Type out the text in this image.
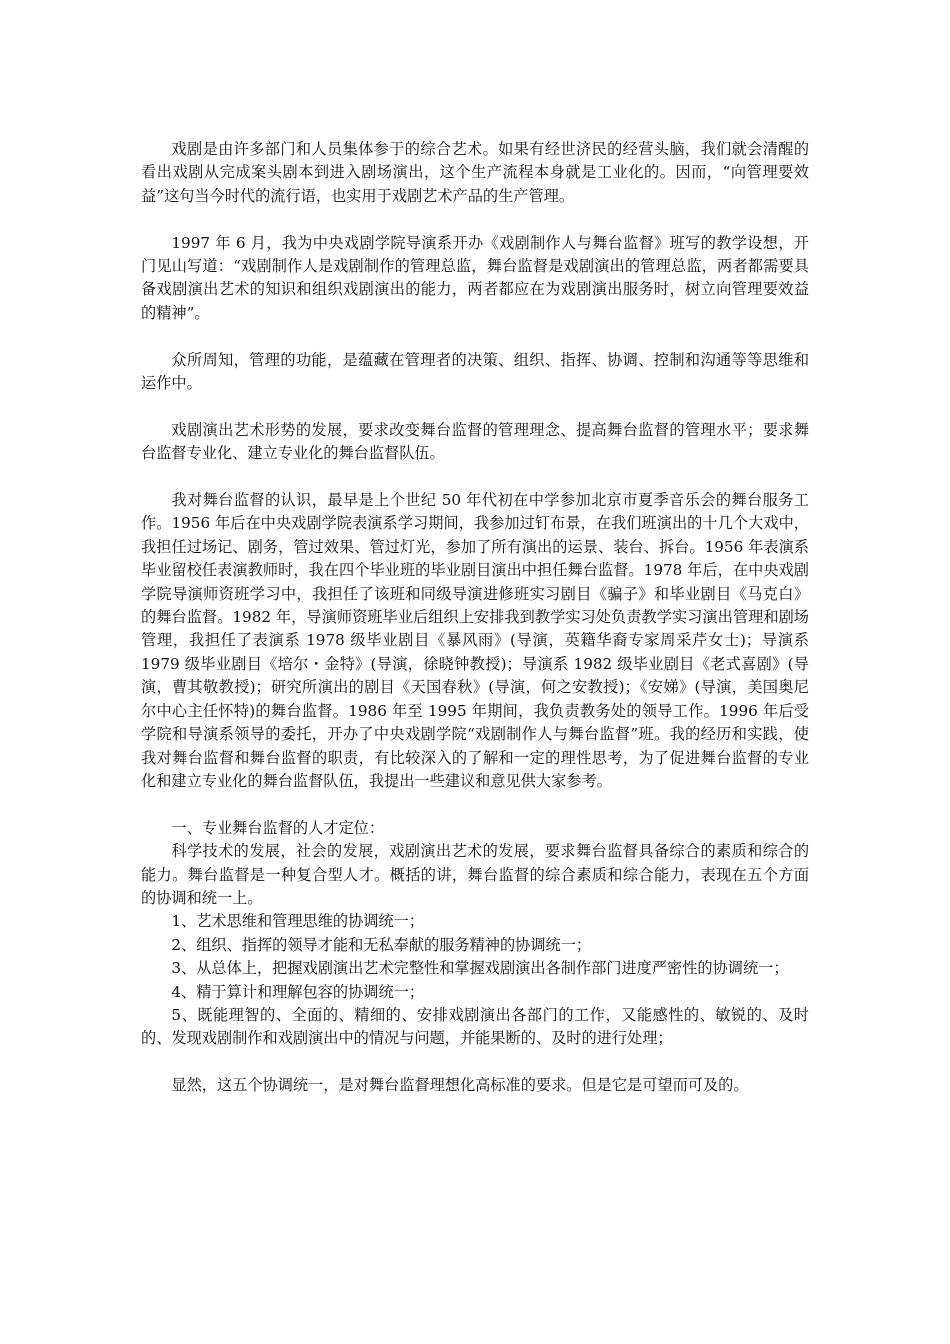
戏剧是由许多部门和人员集体参于的综合艺术。如果有经世济民的经营头脑，我们就会清醒的看出戏剧从完成案头剧本到进入剧场演出，这个生产流程本身就是工业化的。因而，“向管理要效益”这句当今时代的流行语，也实用于戏剧艺术产品的生产管理。

1997 年 6 月，我为中央戏剧学院导演系开办《戏剧制作人与舞台监督》班写的教学设想，开门见山写道：“戏剧制作人是戏剧制作的管理总监，舞台监督是戏剧演出的管理总监，两者都需要具备戏剧演出艺术的知识和组织戏剧演出的能力，两者都应在为戏剧演出服务时，树立向管理要效益的精神”。

众所周知，管理的功能，是蕴藏在管理者的决策、组织、指挥、协调、控制和沟通等等思维和运作中。

戏剧演出艺术形势的发展，要求改变舞台监督的管理理念、提高舞台监督的管理水平；要求舞台监督专业化、建立专业化的舞台监督队伍。

我对舞台监督的认识，最早是上个世纪 50 年代初在中学参加北京市夏季音乐会的舞台服务工作。1956 年后在中央戏剧学院表演系学习期间，我参加过钉布景，在我们班演出的十几个大戏中，我担任过场记、剧务，管过效果、管过灯光，参加了所有演出的运景、装台、拆台。1956 年表演系毕业留校任表演教师时，我在四个毕业班的毕业剧目演出中担任舞台监督。1978 年后，在中央戏剧学院导演师资班学习中，我担任了该班和同级导演进修班实习剧目《骗子》和毕业剧目《马克白》的舞台监督。1982 年，导演师资班毕业后组织上安排我到教学实习处负责教学实习演出管理和剧场管理，我担任了表演系 1978 级毕业剧目《暴风雨》(导演，英籍华裔专家周采芹女士)；导演系 1979 级毕业剧目《培尔・金特》(导演，徐晓钟教授)；导演系 1982 级毕业剧目《老式喜剧》(导演，曹其敬教授)；研究所演出的剧目《天国春秋》(导演，何之安教授)；《安娣》(导演，美国奥尼尔中心主任怀特)的舞台监督。1986 年至 1995 年期间，我负责教务处的领导工作。1996 年后受学院和导演系领导的委托，开办了中央戏剧学院“戏剧制作人与舞台监督”班。我的经历和实践，使我对舞台监督和舞台监督的职责，有比较深入的了解和一定的理性思考，为了促进舞台监督的专业化和建立专业化的舞台监督队伍，我提出一些建议和意见供大家参考。

一、专业舞台监督的人才定位：

科学技术的发展，社会的发展，戏剧演出艺术的发展，要求舞台监督具备综合的素质和综合的能力。舞台监督是一种复合型人才。概括的讲，舞台监督的综合素质和综合能力，表现在五个方面的协调和统一上。

1、艺术思维和管理思维的协调统一；

2、组织、指挥的领导才能和无私奉献的服务精神的协调统一；

3、从总体上，把握戏剧演出艺术完整性和掌握戏剧演出各制作部门进度严密性的协调统一；

4、精于算计和理解包容的协调统一；

5、既能理智的、全面的、精细的、安排戏剧演出各部门的工作，又能感性的、敏锐的、及时的、发现戏剧制作和戏剧演出中的情况与问题，并能果断的、及时的进行处理；

显然，这五个协调统一，是对舞台监督理想化高标准的要求。但是它是可望而可及的。
